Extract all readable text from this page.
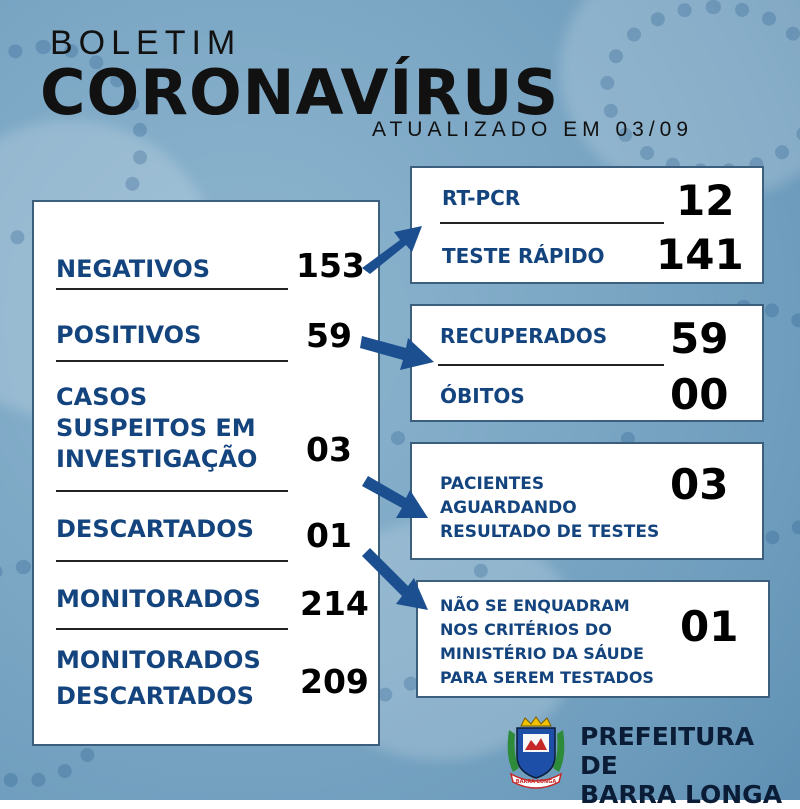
BOLETIM
CORONAVÍRUS
ATUALIZADO EM 03/09
NEGATIVOS	153
POSITIVOS	59
CASOS
SUSPEITOS EM
INVESTIGAÇÃO 03
DESCARTADOS 01
MONITORADOS 214
MONITORADOS
DESCARTADOS 209
RT-PCR	12
TESTE RÁPIDO 141
RECUPERADOS 59
ÓBITOS	00
PACIENTES
AGUARDANDO
RESULTADO DE TESTES
03
NÃO SE ENQUADRAM
NOS CRITÉRIOS DO
MINISTÉRIO DA SÁUDE
PARA SEREM TESTADOS
01
BARRA LONGA
PREFEITURA DE
BARRA LONGA
